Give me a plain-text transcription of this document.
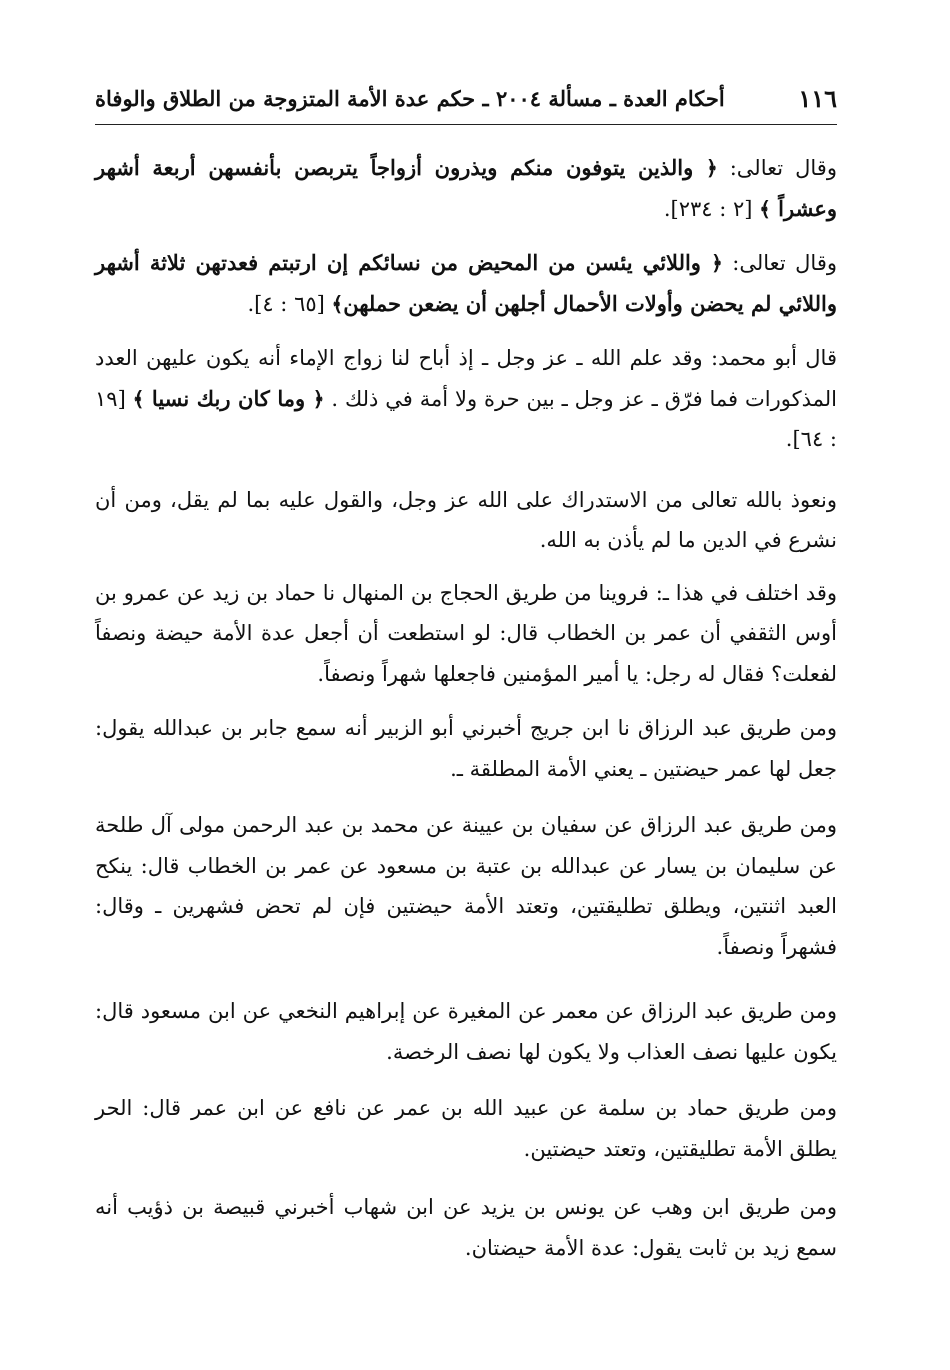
١١٦
أحكام العدة ـ مسألة ٢٠٠٤ ـ حكم عدة الأمة المتزوجة من الطلاق والوفاة

وقال تعالى: ﴿ والذين يتوفون منكم ويذرون أزواجاً يتربصن بأنفسهن أربعة أشهر وعشراً ﴾ [٢ : ٢٣٤].

وقال تعالى: ﴿ واللائي يئسن من المحيض من نسائكم إن ارتبتم فعدتهن ثلاثة أشهر واللائي لم يحضن وأولات الأحمال أجلهن أن يضعن حملهن﴾ [٦٥ : ٤].

قال أبو محمد: وقد علم الله ـ عز وجل ـ إذ أباح لنا زواج الإماء أنه يكون عليهن العدد المذكورات فما فرّق ـ عز وجل ـ بين حرة ولا أمة في ذلك . ﴿ وما كان ربك نسيا ﴾ [١٩ : ٦٤].

ونعوذ بالله تعالى من الاستدراك على الله عز وجل، والقول عليه بما لم يقل، ومن أن نشرع في الدين ما لم يأذن به الله.

وقد اختلف في هذا ـ: فروينا من طريق الحجاج بن المنهال نا حماد بن زيد عن عمرو بن أوس الثقفي أن عمر بن الخطاب قال: لو استطعت أن أجعل عدة الأمة حيضة ونصفاً لفعلت؟ فقال له رجل: يا أمير المؤمنين فاجعلها شهراً ونصفاً.

ومن طريق عبد الرزاق نا ابن جريج أخبرني أبو الزبير أنه سمع جابر بن عبدالله يقول: جعل لها عمر حيضتين ـ يعني الأمة المطلقة ـ.

ومن طريق عبد الرزاق عن سفيان بن عيينة عن محمد بن عبد الرحمن مولى آل طلحة عن سليمان بن يسار عن عبدالله بن عتبة بن مسعود عن عمر بن الخطاب قال: ينكح العبد اثنتين، ويطلق تطليقتين، وتعتد الأمة حيضتين فإن لم تحض فشهرين ـ وقال: فشهراً ونصفاً.

ومن طريق عبد الرزاق عن معمر عن المغيرة عن إبراهيم النخعي عن ابن مسعود قال: يكون عليها نصف العذاب ولا يكون لها نصف الرخصة.

ومن طريق حماد بن سلمة عن عبيد الله بن عمر عن نافع عن ابن عمر قال: الحر يطلق الأمة تطليقتين، وتعتد حيضتين.

ومن طريق ابن وهب عن يونس بن يزيد عن ابن شهاب أخبرني قبيصة بن ذؤيب أنه سمع زيد بن ثابت يقول: عدة الأمة حيضتان.
